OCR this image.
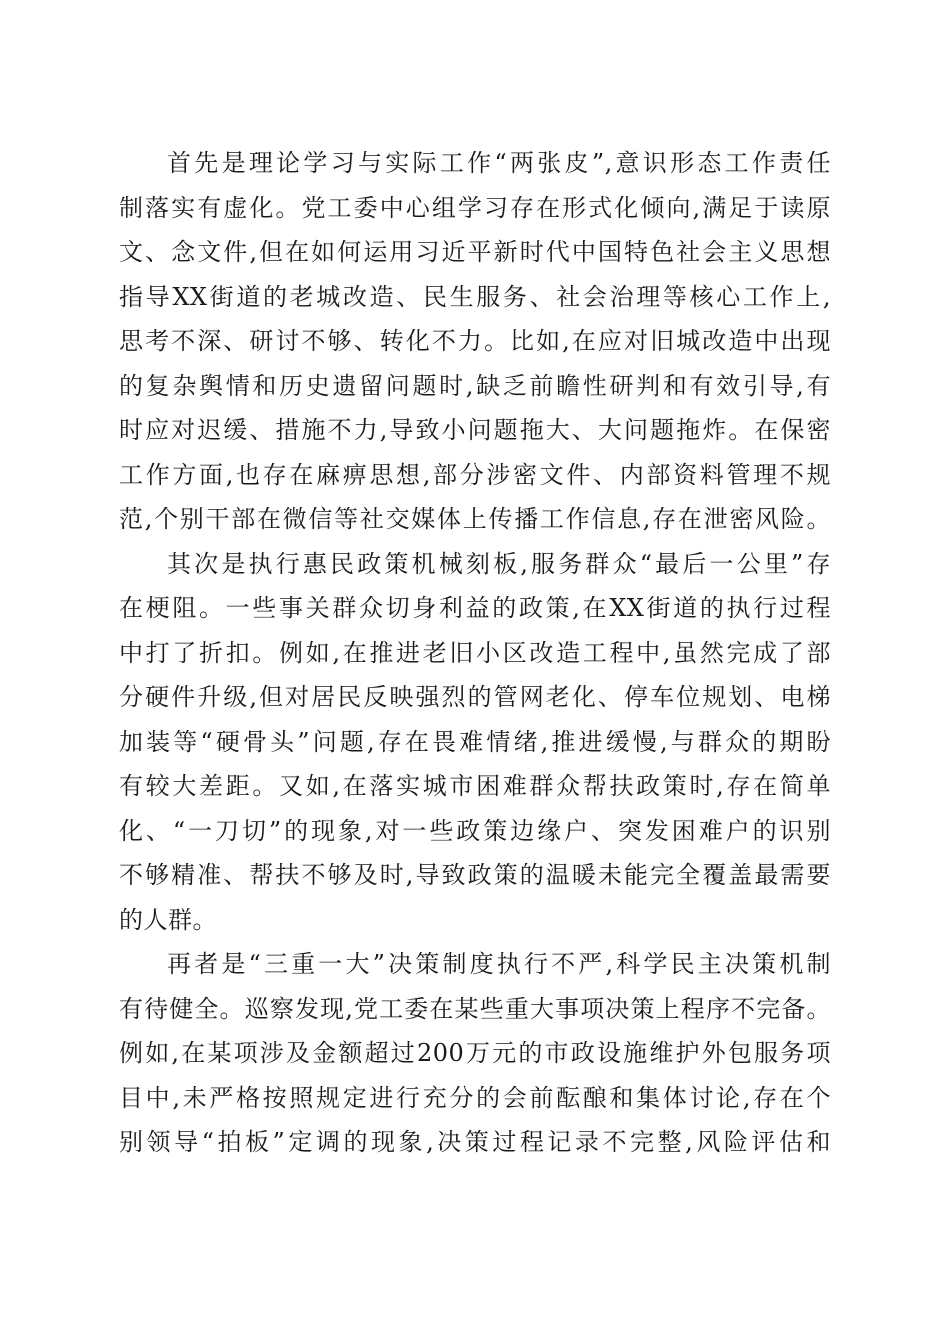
首先是理论学习与实际工作“两张皮”,意识形态工作责任
制落实有虚化。党工委中心组学习存在形式化倾向,满足于读原
文、念文件,但在如何运用习近平新时代中国特色社会主义思想
指导XX街道的老城改造、民生服务、社会治理等核心工作上,
思考不深、研讨不够、转化不力。比如,在应对旧城改造中出现
的复杂舆情和历史遗留问题时,缺乏前瞻性研判和有效引导,有
时应对迟缓、措施不力,导致小问题拖大、大问题拖炸。在保密
工作方面,也存在麻痹思想,部分涉密文件、内部资料管理不规
范,个别干部在微信等社交媒体上传播工作信息,存在泄密风险。
其次是执行惠民政策机械刻板,服务群众“最后一公里”存
在梗阻。一些事关群众切身利益的政策,在XX街道的执行过程
中打了折扣。例如,在推进老旧小区改造工程中,虽然完成了部
分硬件升级,但对居民反映强烈的管网老化、停车位规划、电梯
加装等“硬骨头”问题,存在畏难情绪,推进缓慢,与群众的期盼
有较大差距。又如,在落实城市困难群众帮扶政策时,存在简单
化、“一刀切”的现象,对一些政策边缘户、突发困难户的识别
不够精准、帮扶不够及时,导致政策的温暖未能完全覆盖最需要
的人群。
再者是“三重一大”决策制度执行不严,科学民主决策机制
有待健全。巡察发现,党工委在某些重大事项决策上程序不完备。
例如,在某项涉及金额超过200万元的市政设施维护外包服务项
目中,未严格按照规定进行充分的会前酝酿和集体讨论,存在个
别领导“拍板”定调的现象,决策过程记录不完整,风险评估和
